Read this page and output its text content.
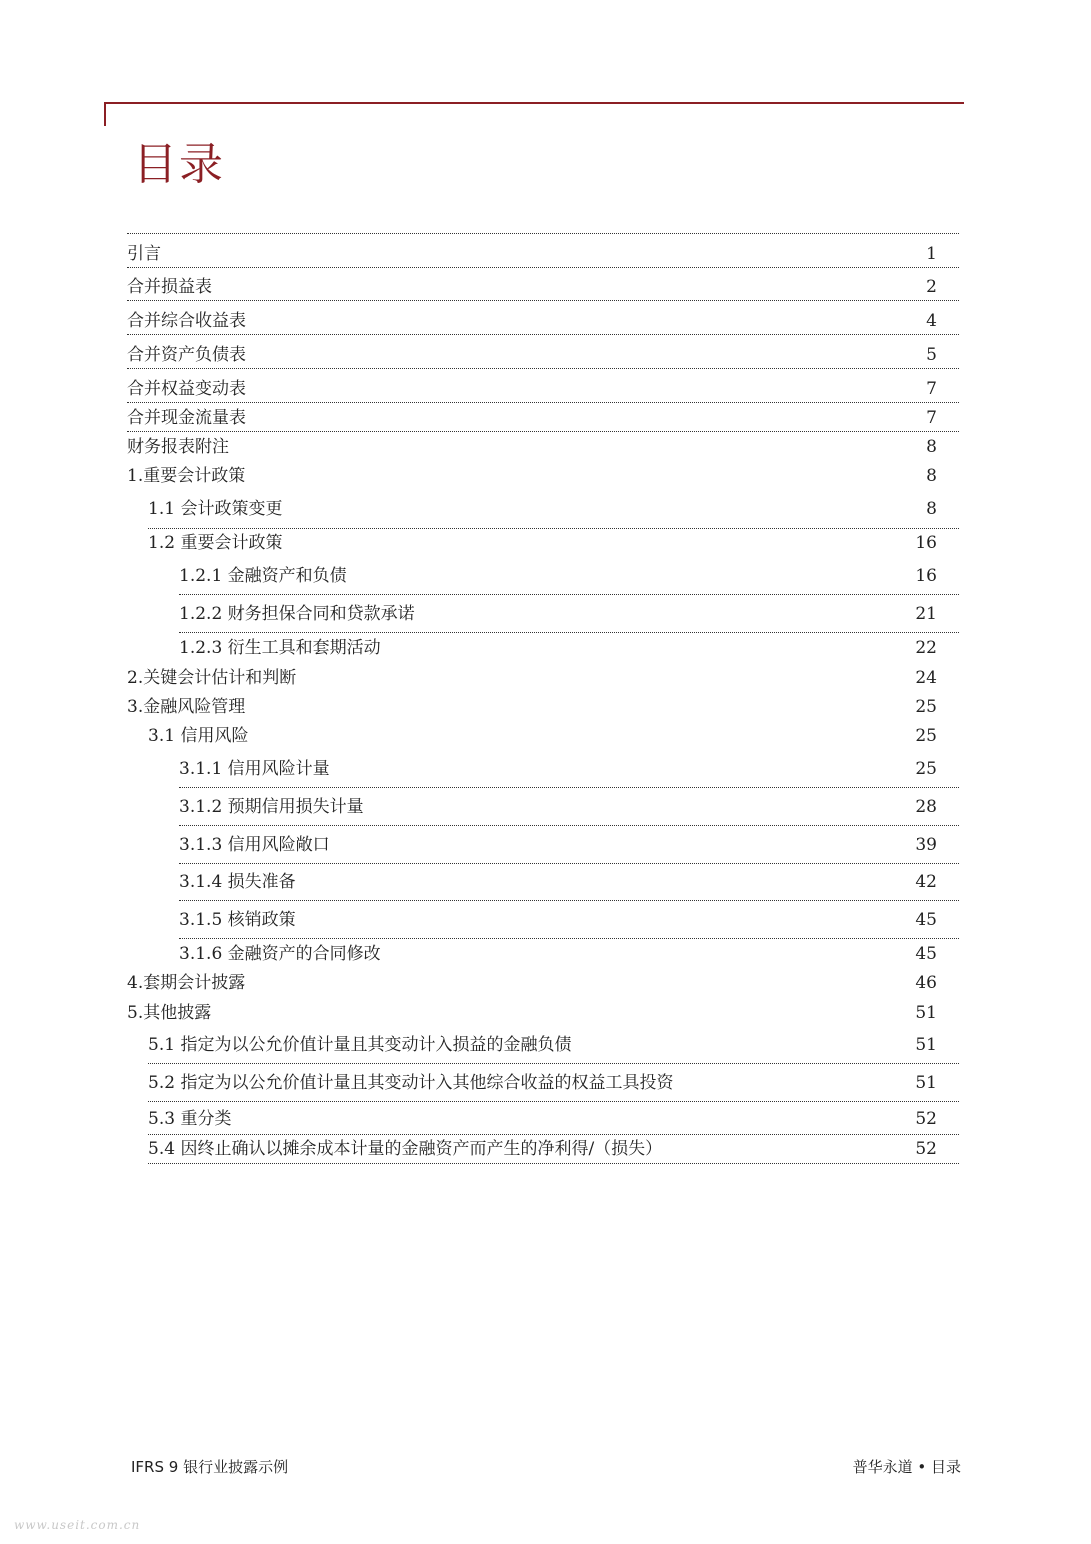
目录
引言	1
合并损益表	2
合并综合收益表	4
合并资产负债表	5
合并权益变动表	7
合并现金流量表	7
财务报表附注	8
1.重要会计政策	8
1.1 会计政策变更	8
1.2 重要会计政策	16
1.2.1 金融资产和负债	16
1.2.2 财务担保合同和贷款承诺	21
1.2.3 衍生工具和套期活动	22
2.关键会计估计和判断	24
3.金融风险管理	25
3.1 信用风险	25
3.1.1 信用风险计量	25
3.1.2 预期信用损失计量	28
3.1.3 信用风险敞口	39
3.1.4 损失准备	42
3.1.5 核销政策	45
3.1.6 金融资产的合同修改	45
4.套期会计披露	46
5.其他披露	51
5.1 指定为以公允价值计量且其变动计入损益的金融负债	51
5.2 指定为以公允价值计量且其变动计入其他综合收益的权益工具投资	51
5.3 重分类	52
5.4 因终止确认以摊余成本计量的金融资产而产生的净利得/（损失）	52
IFRS 9 银行业披露示例	普华永道 • 目录
www.useit.com.cn
